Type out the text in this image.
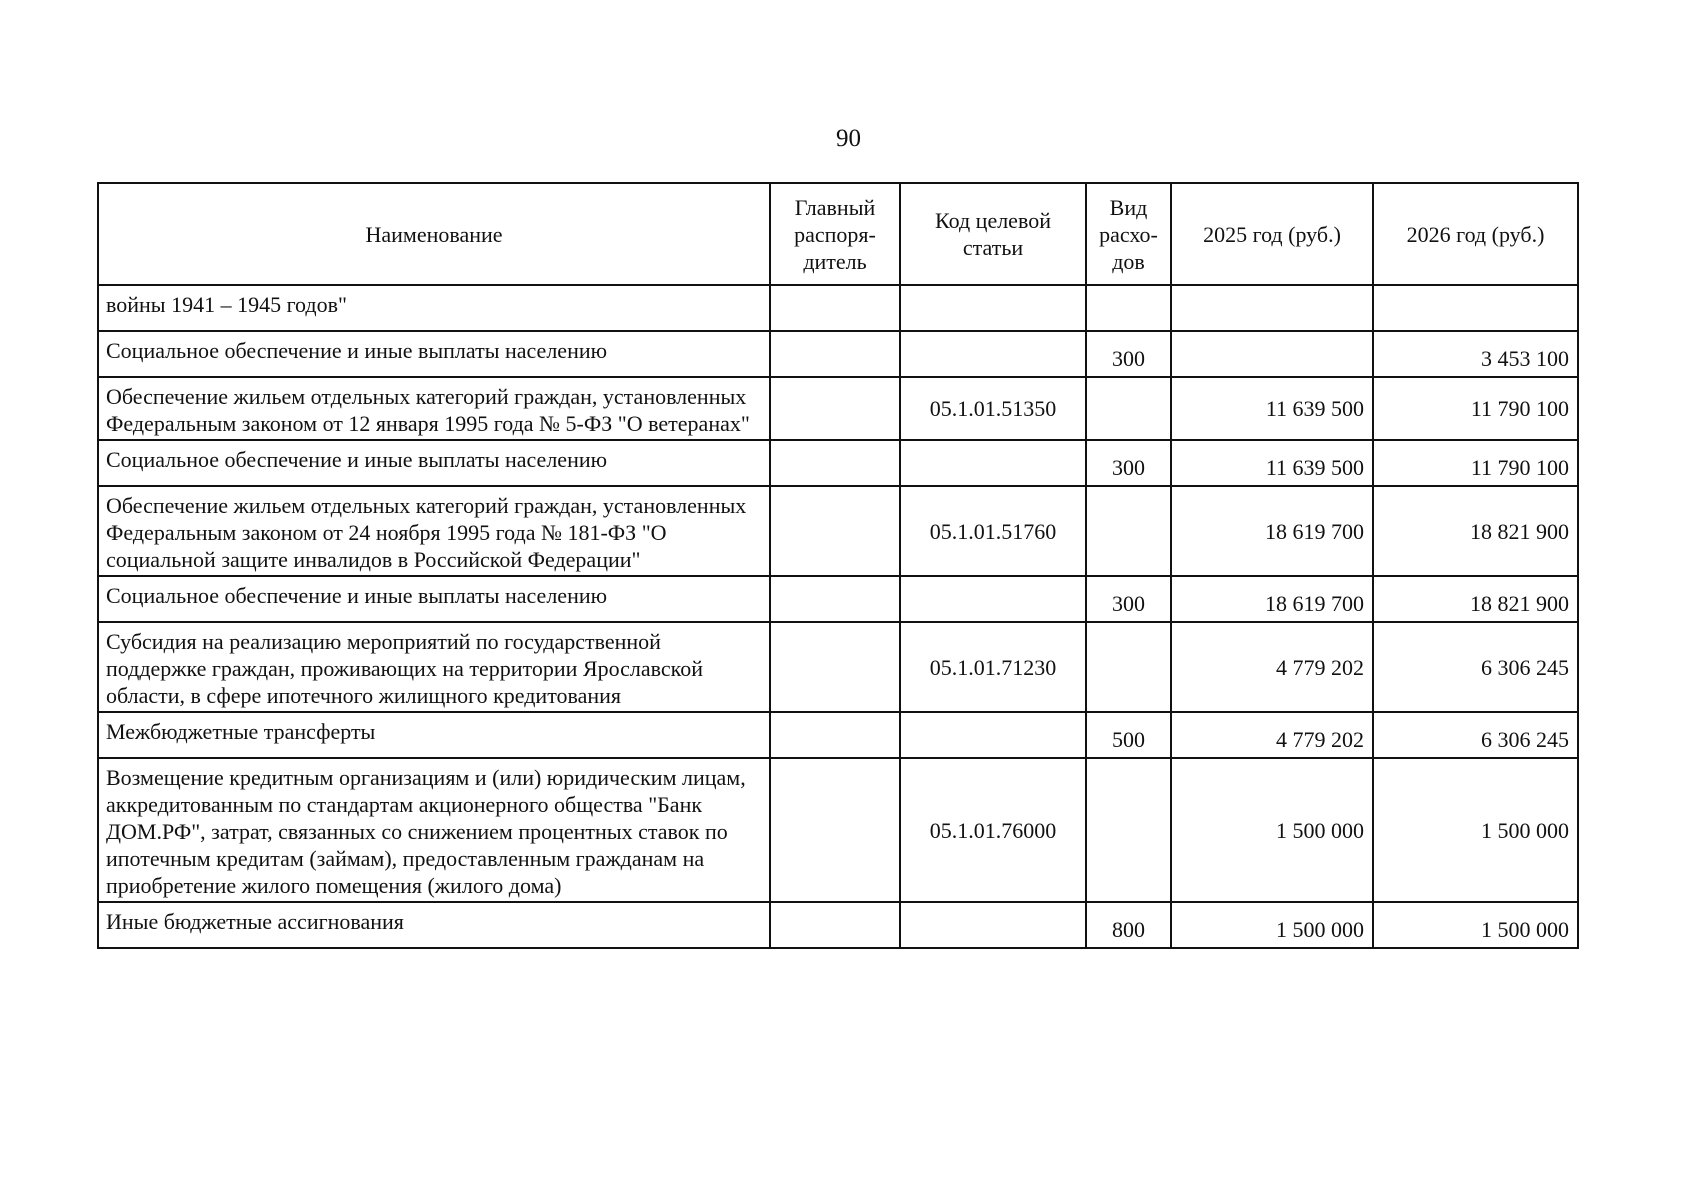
90
Наименование	Главный распоря-дитель	Код целевой статьи	Вид расхо-дов	2025 год (руб.)	2026 год (руб.)
войны 1941 – 1945 годов"					
Социальное обеспечение и иные выплаты населению			300		3 453 100
Обеспечение жильем отдельных категорий граждан, установленных Федеральным законом от 12 января 1995 года № 5-ФЗ "О ветеранах"		05.1.01.51350		11 639 500	11 790 100
Социальное обеспечение и иные выплаты населению			300	11 639 500	11 790 100
Обеспечение жильем отдельных категорий граждан, установленных Федеральным законом от 24 ноября 1995 года № 181-ФЗ "О социальной защите инвалидов в Российской Федерации"		05.1.01.51760		18 619 700	18 821 900
Социальное обеспечение и иные выплаты населению			300	18 619 700	18 821 900
Субсидия на реализацию мероприятий по государственной поддержке граждан, проживающих на территории Ярославской области, в сфере ипотечного жилищного кредитования		05.1.01.71230		4 779 202	6 306 245
Межбюджетные трансферты			500	4 779 202	6 306 245
Возмещение кредитным организациям и (или) юридическим лицам, аккредитованным по стандартам акционерного общества "Банк ДОМ.РФ", затрат, связанных со снижением процентных ставок по ипотечным кредитам (займам), предоставленным гражданам на приобретение жилого помещения (жилого дома)		05.1.01.76000		1 500 000	1 500 000
Иные бюджетные ассигнования			800	1 500 000	1 500 000
